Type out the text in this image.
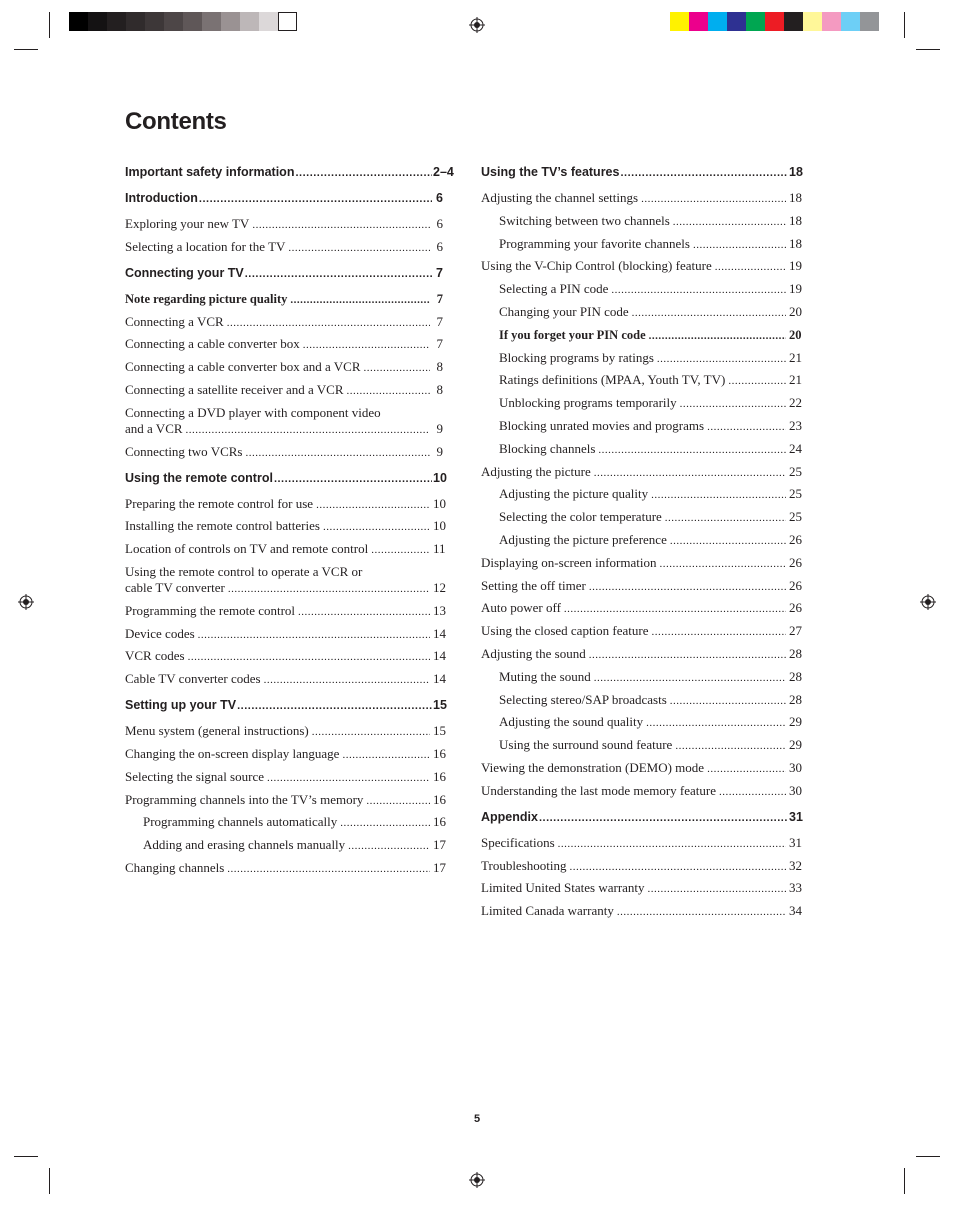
Contents
Important safety information .....	2–4
Introduction .....	6
Exploring your new TV .....	6
Selecting a location for the TV .....	6
Connecting your TV .....	7
Note regarding picture quality .....	7
Connecting a VCR .....	7
Connecting a cable converter box .....	7
Connecting a cable converter box and a VCR .....	8
Connecting a satellite receiver and a VCR .....	8
Connecting a DVD player with component video
and a VCR .....	9
Connecting two VCRs .....	9
Using the remote control .....	10
Preparing the remote control for use .....	10
Installing the remote control batteries .....	10
Location of controls on TV and remote control .....	11
Using the remote control to operate a VCR or
cable TV converter .....	12
Programming the remote control .....	13
Device codes .....	14
VCR codes .....	14
Cable TV converter codes .....	14
Setting up your TV .....	15
Menu system (general instructions) .....	15
Changing the on-screen display language .....	16
Selecting the signal source .....	16
Programming channels into the TV’s memory .....	16
Programming channels automatically .....	16
Adding and erasing channels manually .....	17
Changing channels .....	17
Using the TV’s features .....	18
Adjusting the channel settings .....	18
Switching between two channels .....	18
Programming your favorite channels .....	18
Using the V-Chip Control (blocking) feature .....	19
Selecting a PIN code .....	19
Changing your PIN code .....	20
If you forget your PIN code .....	20
Blocking programs by ratings .....	21
Ratings definitions (MPAA, Youth TV, TV) .....	21
Unblocking programs temporarily .....	22
Blocking unrated movies and programs .....	23
Blocking channels .....	24
Adjusting the picture .....	25
Adjusting the picture quality .....	25
Selecting the color temperature .....	25
Adjusting the picture preference .....	26
Displaying on-screen information .....	26
Setting the off timer .....	26
Auto power off .....	26
Using the closed caption feature .....	27
Adjusting the sound .....	28
Muting the sound .....	28
Selecting stereo/SAP broadcasts .....	28
Adjusting the sound quality .....	29
Using the surround sound feature .....	29
Viewing the demonstration (DEMO) mode .....	30
Understanding the last mode memory feature .....	30
Appendix .....	31
Specifications .....	31
Troubleshooting .....	32
Limited United States warranty .....	33
Limited Canada warranty .....	34
5
